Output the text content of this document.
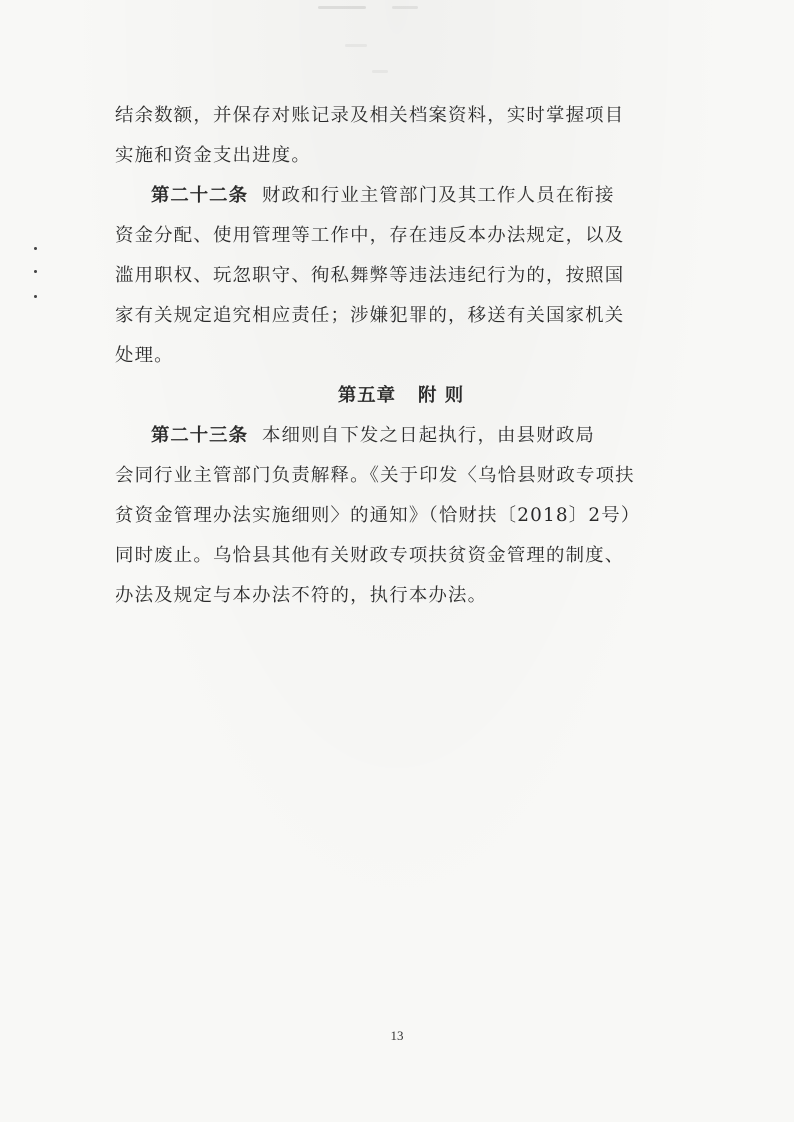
结余数额，并保存对账记录及相关档案资料，实时掌握项目
实施和资金支出进度。
第二十二条 财政和行业主管部门及其工作人员在衔接
资金分配、使用管理等工作中，存在违反本办法规定，以及
滥用职权、玩忽职守、徇私舞弊等违法违纪行为的，按照国
家有关规定追究相应责任；涉嫌犯罪的，移送有关国家机关
处理。
第五章 附 则
第二十三条 本细则自下发之日起执行，由县财政局
会同行业主管部门负责解释。《关于印发〈乌恰县财政专项扶
贫资金管理办法实施细则〉的通知》（恰财扶〔2018〕2号）
同时废止。乌恰县其他有关财政专项扶贫资金管理的制度、
办法及规定与本办法不符的，执行本办法。
13
